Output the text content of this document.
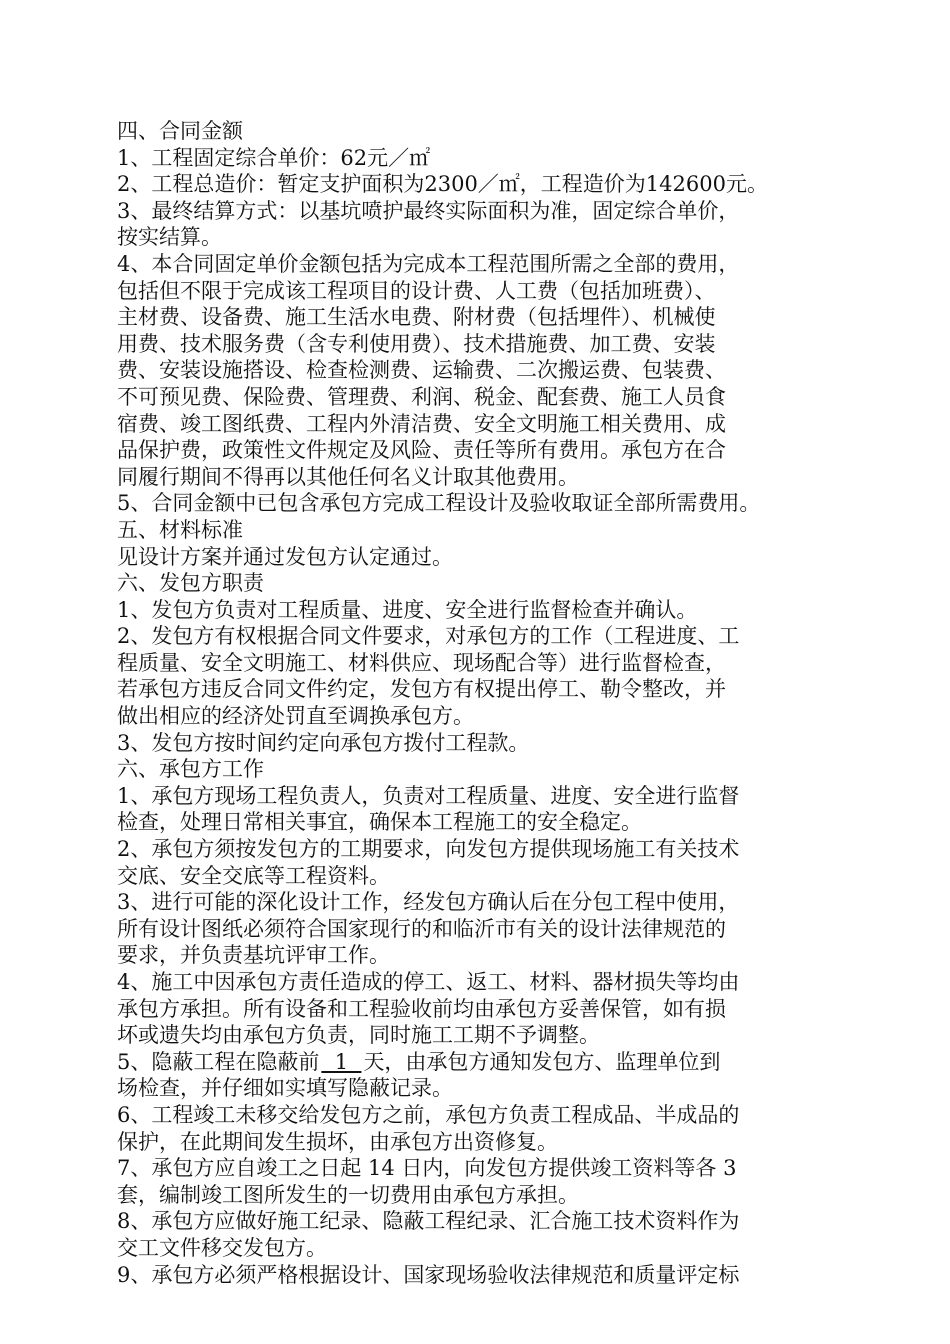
四、合同金额
1、工程固定综合单价：62元／㎡
2、工程总造价：暂定支护面积为2300／㎡，工程造价为142600元。
3、最终结算方式：以基坑喷护最终实际面积为准，固定综合单价，
按实结算。
4、本合同固定单价金额包括为完成本工程范围所需之全部的费用，
包括但不限于完成该工程项目的设计费、人工费（包括加班费）、
主材费、设备费、施工生活水电费、附材费（包括埋件）、机械使
用费、技术服务费（含专利使用费）、技术措施费、加工费、安装
费、安装设施搭设、检查检测费、运输费、二次搬运费、包装费、
不可预见费、保险费、管理费、利润、税金、配套费、施工人员食
宿费、竣工图纸费、工程内外清洁费、安全文明施工相关费用、成
品保护费，政策性文件规定及风险、责任等所有费用。承包方在合
同履行期间不得再以其他任何名义计取其他费用。
5、合同金额中已包含承包方完成工程设计及验收取证全部所需费用。
五、材料标准
见设计方案并通过发包方认定通过。
六、发包方职责
1、发包方负责对工程质量、进度、安全进行监督检查并确认。
2、发包方有权根据合同文件要求，对承包方的工作（工程进度、工
程质量、安全文明施工、材料供应、现场配合等）进行监督检查，
若承包方违反合同文件约定，发包方有权提出停工、勒令整改，并
做出相应的经济处罚直至调换承包方。
3、发包方按时间约定向承包方拨付工程款。
六、承包方工作
1、承包方现场工程负责人，负责对工程质量、进度、安全进行监督
检查，处理日常相关事宜，确保本工程施工的安全稳定。
2、承包方须按发包方的工期要求，向发包方提供现场施工有关技术
交底、安全交底等工程资料。
3、进行可能的深化设计工作，经发包方确认后在分包工程中使用，
所有设计图纸必须符合国家现行的和临沂市有关的设计法律规范的
要求，并负责基坑评审工作。
4、施工中因承包方责任造成的停工、返工、材料、器材损失等均由
承包方承担。所有设备和工程验收前均由承包方妥善保管，如有损
坏或遗失均由承包方负责，同时施工工期不予调整。
5、隐蔽工程在隐蔽前  1  天，由承包方通知发包方、监理单位到
场检查，并仔细如实填写隐蔽记录。
6、工程竣工未移交给发包方之前，承包方负责工程成品、半成品的
保护，在此期间发生损坏，由承包方出资修复。
7、承包方应自竣工之日起 14 日内，向发包方提供竣工资料等各 3
套，编制竣工图所发生的一切费用由承包方承担。
8、承包方应做好施工纪录、隐蔽工程纪录、汇合施工技术资料作为
交工文件移交发包方。
9、承包方必须严格根据设计、国家现场验收法律规范和质量评定标
